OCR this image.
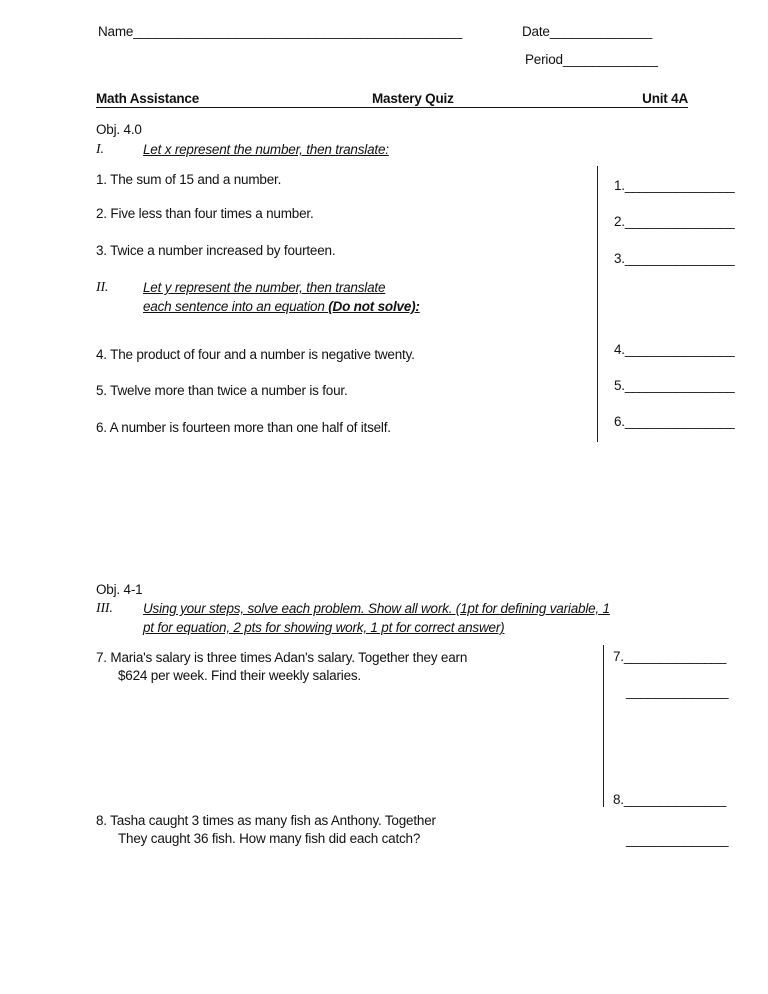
Name_____________________________________________	Date______________
Period_____________
Math Assistance	Mastery Quiz	Unit 4A
Obj. 4.0
I.	Let x represent the number, then translate:
1. The sum of 15 and a number.
2. Five less than four times a number.
3. Twice a number increased by fourteen.
1._______________
2._______________
3._______________
II.	Let y represent the number, then translate
each sentence into an equation (Do not solve):
4. The product of four and a number is negative twenty.
5. Twelve more than twice a number is four.
6. A number is fourteen more than one half of itself.
4._______________
5._______________
6._______________
Obj. 4-1
III. Using your steps, solve each problem. Show all work. (1pt for defining variable, 1
pt for equation, 2 pts for showing work, 1 pt for correct answer)
7. Maria's salary is three times Adan's salary. Together they earn
$624 per week. Find their weekly salaries.
7.______________
______________
8.______________
8. Tasha caught 3 times as many fish as Anthony. Together
They caught 36 fish. How many fish did each catch?	______________
